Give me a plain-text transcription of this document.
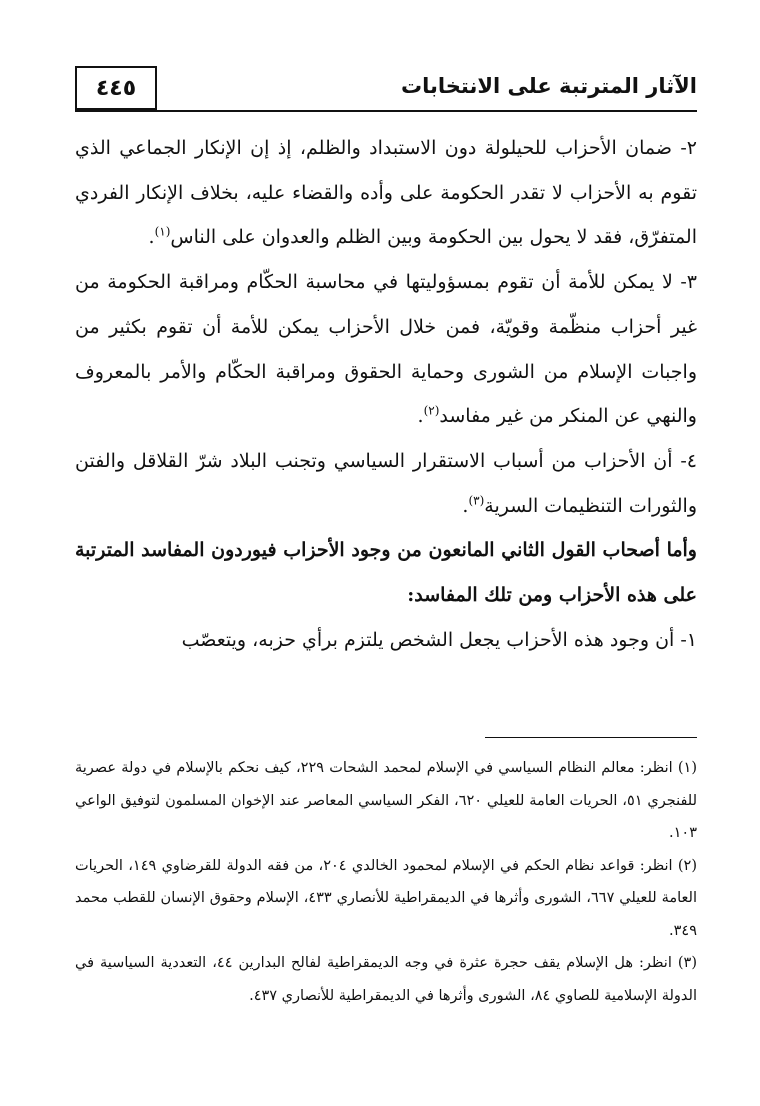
الآثار المترتبة على الانتخابات
٤٤٥

٢- ضمان الأحزاب للحيلولة دون الاستبداد والظلم، إذ إن الإنكار الجماعي الذي تقوم به الأحزاب لا تقدر الحكومة على وأده والقضاء عليه، بخلاف الإنكار الفردي المتفرّق، فقد لا يحول بين الحكومة وبين الظلم والعدوان على الناس$^{(١)}$.

٣- لا يمكن للأمة أن تقوم بمسؤوليتها في محاسبة الحكّام ومراقبة الحكومة من غير أحزاب منظّمة وقويّة، فمن خلال الأحزاب يمكن للأمة أن تقوم بكثير من واجبات الإسلام من الشورى وحماية الحقوق ومراقبة الحكّام والأمر بالمعروف والنهي عن المنكر من غير مفاسد$^{(٢)}$.

٤- أن الأحزاب من أسباب الاستقرار السياسي وتجنب البلاد شرّ القلاقل والفتن والثورات التنظيمات السرية$^{(٣)}$.

وأما أصحاب القول الثاني المانعون من وجود الأحزاب فيوردون المفاسد المترتبة على هذه الأحزاب ومن تلك المفاسد:

١- أن وجود هذه الأحزاب يجعل الشخص يلتزم برأي حزبه، ويتعصّب

(١) انظر: معالم النظام السياسي في الإسلام لمحمد الشحات ٢٢٩، كيف نحكم بالإسلام في دولة عصرية للفنجري ٥١، الحريات العامة للعيلي ٦٢٠، الفكر السياسي المعاصر عند الإخوان المسلمون لتوفيق الواعي ١٠٣.

(٢) انظر: قواعد نظام الحكم في الإسلام لمحمود الخالدي ٢٠٤، من فقه الدولة للقرضاوي ١٤٩، الحريات العامة للعيلي ٦٦٧، الشورى وأثرها في الديمقراطية للأنصاري ٤٣٣، الإسلام وحقوق الإنسان للقطب محمد ٣٤٩.

(٣) انظر: هل الإسلام يقف حجرة عثرة في وجه الديمقراطية لفالح البدارين ٤٤، التعددية السياسية في الدولة الإسلامية للصاوي ٨٤، الشورى وأثرها في الديمقراطية للأنصاري ٤٣٧.
